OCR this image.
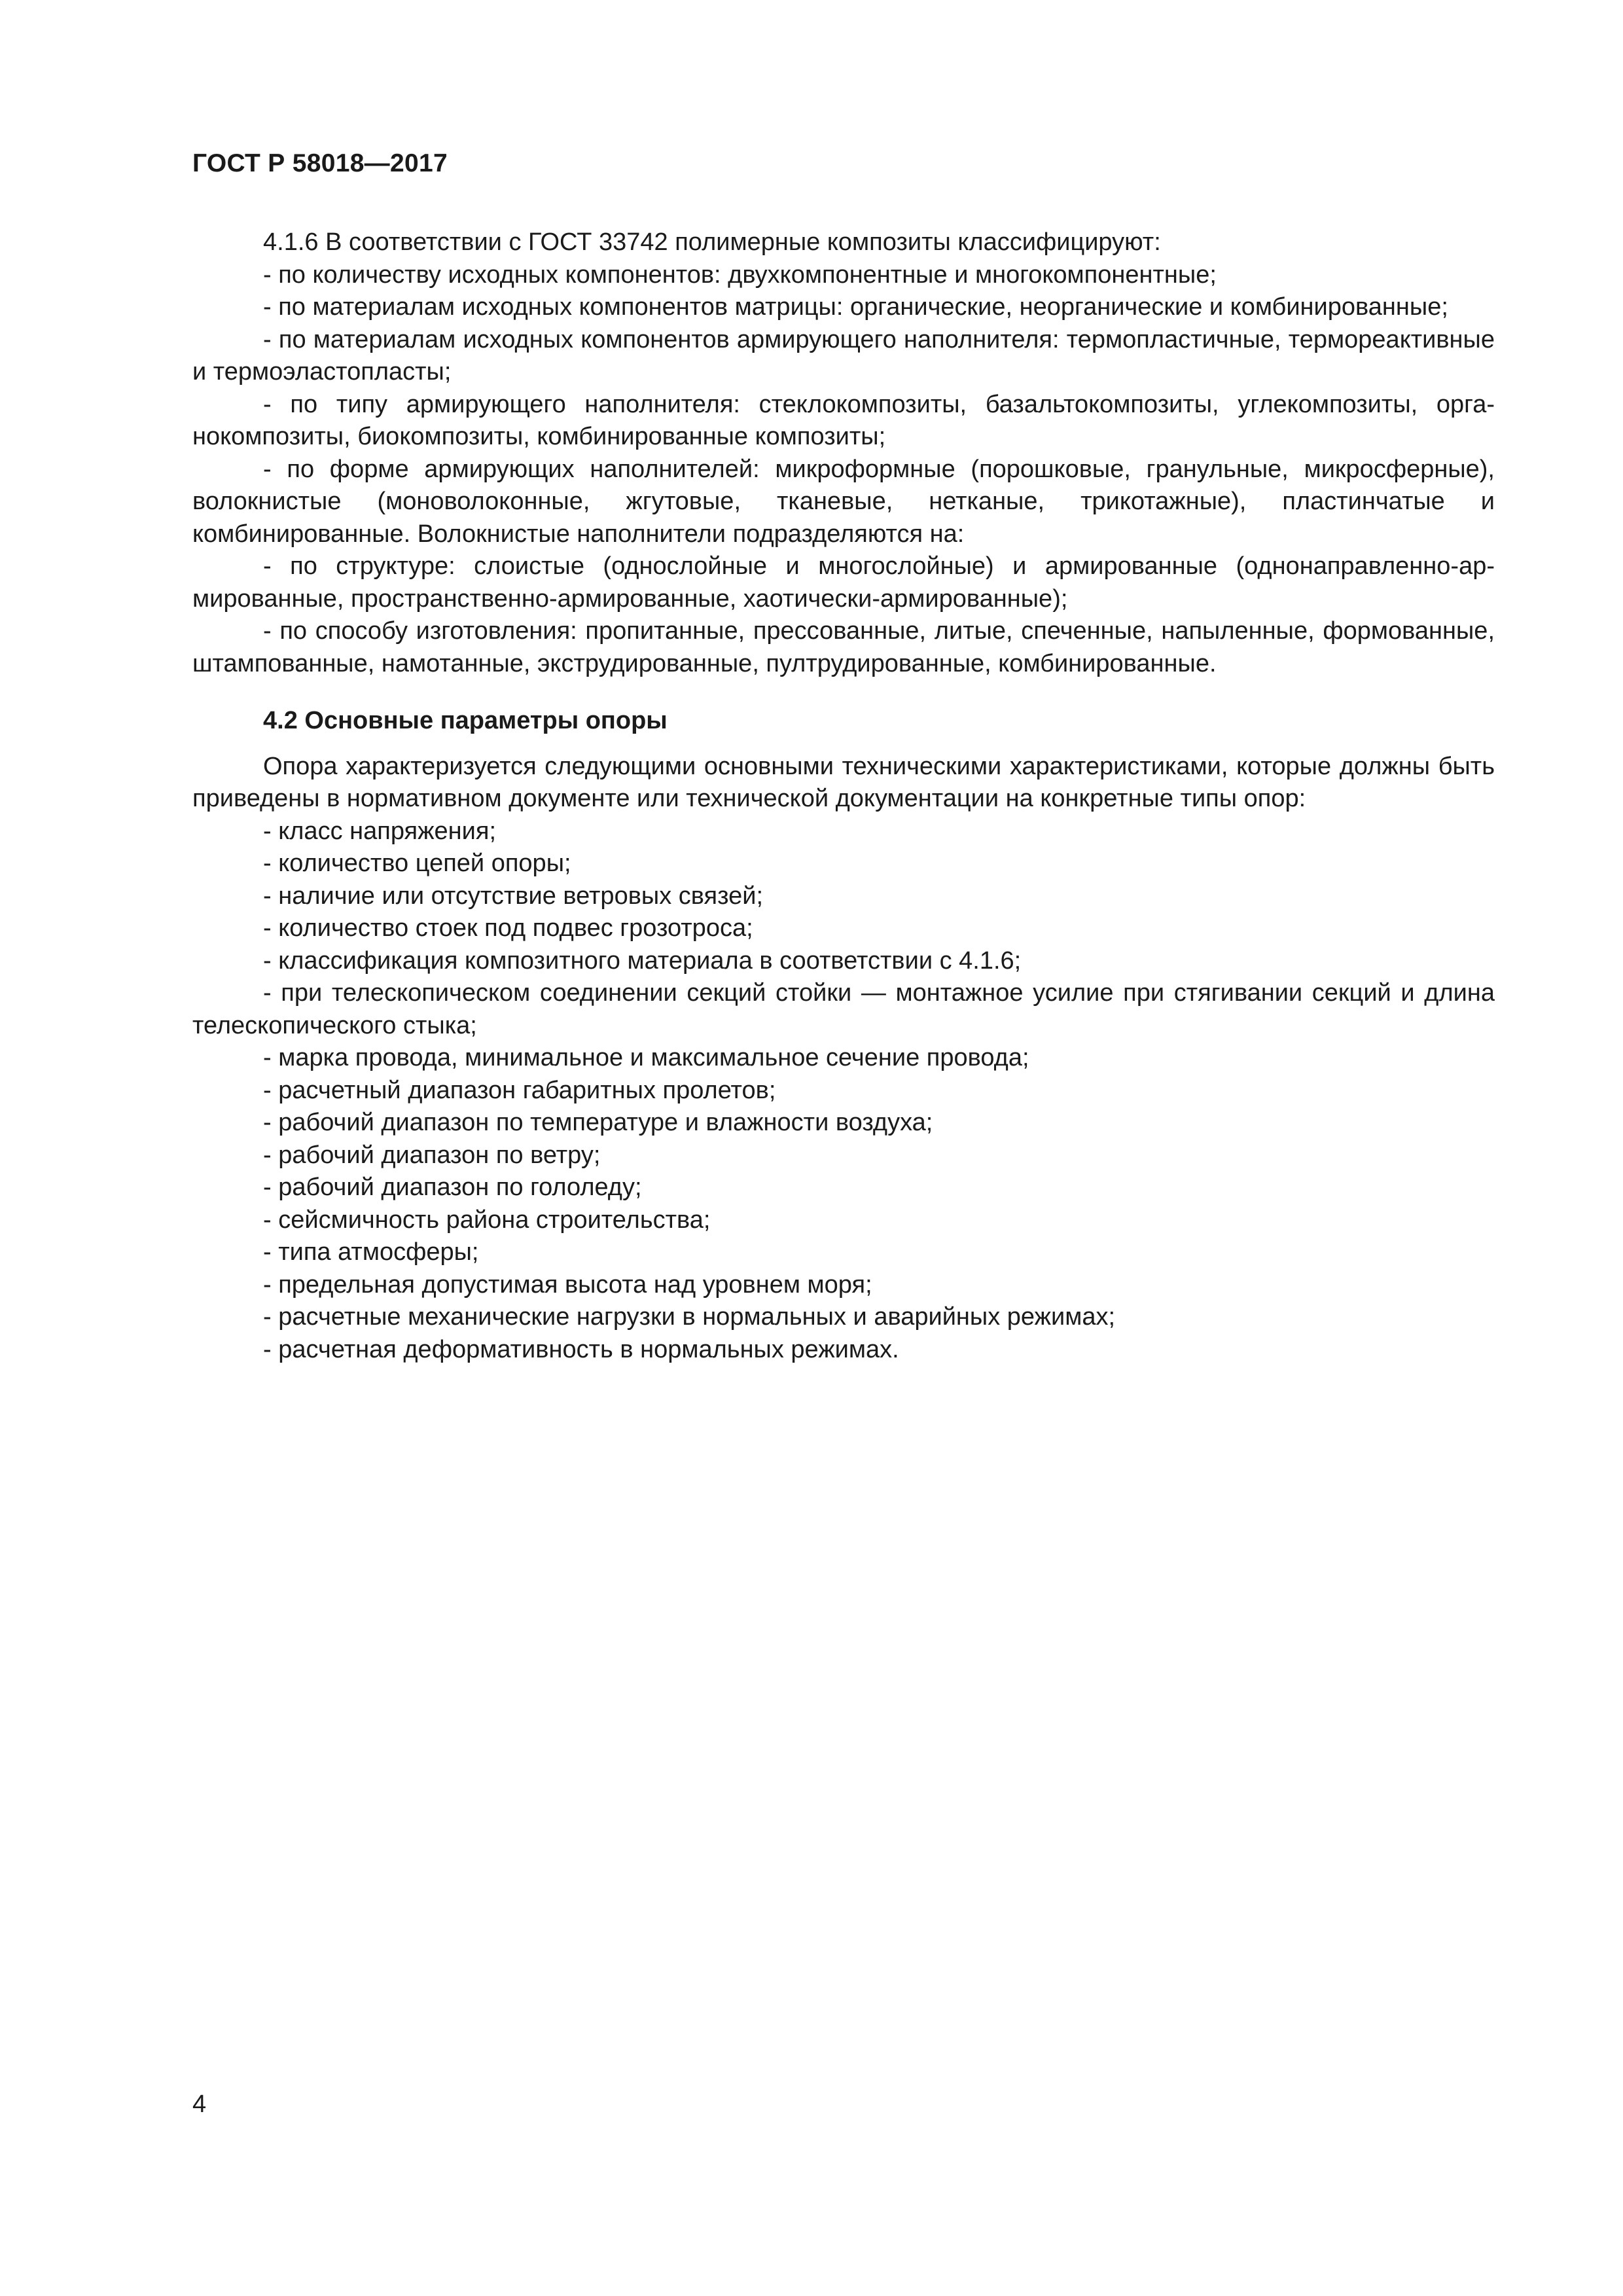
ГОСТ Р 58018—2017

4.1.6 В соответствии с ГОСТ 33742 полимерные композиты классифицируют:

- по количеству исходных компонентов: двухкомпонентные и многокомпонентные;

- по материалам исходных компонентов матрицы: органические, неорганические и комбинированные;

- по материалам исходных компонентов армирующего наполнителя: термопластичные, термореактивные и термоэластопласты;

- по типу армирующего наполнителя: стеклокомпозиты, базальтокомпозиты, углекомпозиты, органокомпозиты, биокомпозиты, комбинированные композиты;

- по форме армирующих наполнителей: микроформные (порошковые, гранульные, микросферные), волокнистые (моноволоконные, жгутовые, тканевые, нетканые, трикотажные), пластинчатые и комбинированные. Волокнистые наполнители подразделяются на:

- по структуре: слоистые (однослойные и многослойные) и армированные (однонаправленно-армированные, пространственно-армированные, хаотически-армированные);

- по способу изготовления: пропитанные, прессованные, литые, спеченные, напыленные, формованные, штампованные, намотанные, экструдированные, пултрудированные, комбинированные.

4.2 Основные параметры опоры

Опора характеризуется следующими основными техническими характеристиками, которые должны быть приведены в нормативном документе или технической документации на конкретные типы опор:

- класс напряжения;

- количество цепей опоры;

- наличие или отсутствие ветровых связей;

- количество стоек под подвес грозотроса;

- классификация композитного материала в соответствии с 4.1.6;

- при телескопическом соединении секций стойки — монтажное усилие при стягивании секций и длина телескопического стыка;

- марка провода, минимальное и максимальное сечение провода;

- расчетный диапазон габаритных пролетов;

- рабочий диапазон по температуре и влажности воздуха;

- рабочий диапазон по ветру;

- рабочий диапазон по гололеду;

- сейсмичность района строительства;

- типа атмосферы;

- предельная допустимая высота над уровнем моря;

- расчетные механические нагрузки в нормальных и аварийных режимах;

- расчетная деформативность в нормальных режимах.

4
